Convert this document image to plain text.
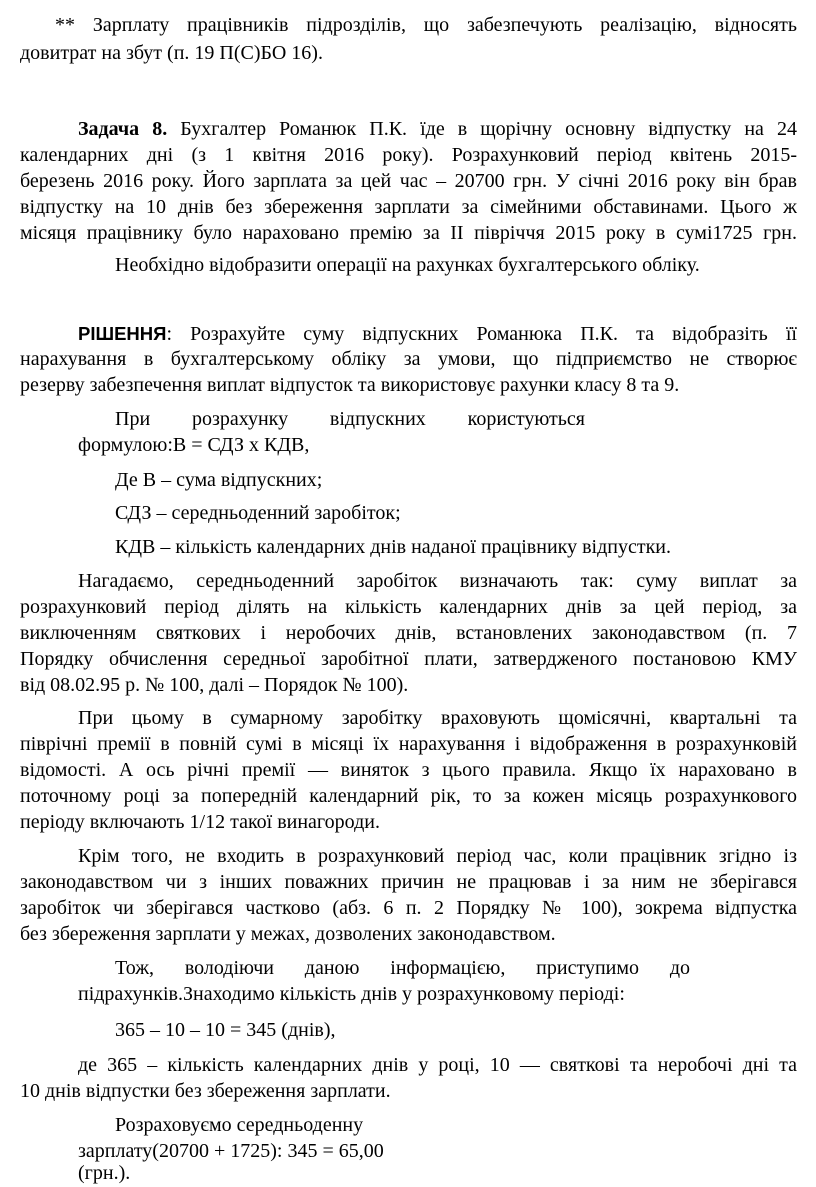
** Зарплату працівників підрозділів, що забезпечують реалізацію, відносять

довитрат на збут (п. 19 П(С)БО 16).

Задача 8. Бухгалтер Романюк П.К. їде в щорічну основну відпустку на 24

календарних днi (з 1 квітня 2016 року). Розрахунковий період квітень 2015-

березень 2016 року. Його зарплата за цей час – 20700 грн. У січні 2016 року він брав

відпустку на 10 днів без збереження зарплати за сімейними обставинами. Цього ж

місяця працівнику було нараховано премію за ІІ півріччя 2015 року в сумі1725 грн.

Необхідно відобразити операції на рахунках бухгалтерського обліку.

РІШЕННЯ: Розрахуйте суму відпускних Романюка П.К. та відобразіть її

нарахування в бухгалтерському обліку за умови, що підприємство не створює

резерву забезпечення виплат відпусток та використовує рахунки класу 8 та 9.

При розрахунку відпускних користуються

формулою:В = СДЗ х КДВ,

Де В – сума відпускних;

СДЗ – середньоденний заробіток;

КДВ – кількість календарних днів наданої працівнику відпустки.

Нагадаємо, середньоденний заробіток визначають так: суму виплат за

розрахунковий період ділять на кількість календарних днів за цей період, за

виключенням святкових і неробочих днів, встановлених законодавством (п. 7

Порядку обчислення середньої заробітної плати, затвердженого постановою КМУ

від 08.02.95 р. № 100, далі – Порядок № 100).

При цьому в сумарному заробітку враховують щомісячні, квартальні та

піврічні премії в повній сумі в місяці їх нарахування і відображення в розрахунковій

відомості. А ось річні премії — виняток з цього правила. Якщо їх нараховано в

поточному році за попередній календарний рік, то за кожен місяць розрахункового

періоду включають 1/12 такої винагороди.

Крім того, не входить в розрахунковий період час, коли працівник згідно із

законодавством чи з інших поважних причин не працював і за ним не зберігався

заробіток чи зберігався частково (абз. 6 п. 2 Порядку № 100), зокрема відпустка

без збереження зарплати у межах, дозволених законодавством.

Тож, володіючи даною інформацією, приступимо до

підрахунків.Знаходимо кількість днів у розрахунковому періоді:

365 – 10 – 10 = 345 (днів),

де 365 – кількість календарних днів у році, 10 — святкові та неробочі дні та

10 днів відпустки без збереження зарплати.

Розраховуємо середньоденну

зарплату(20700 + 1725): 345 = 65,00

(грн.).
